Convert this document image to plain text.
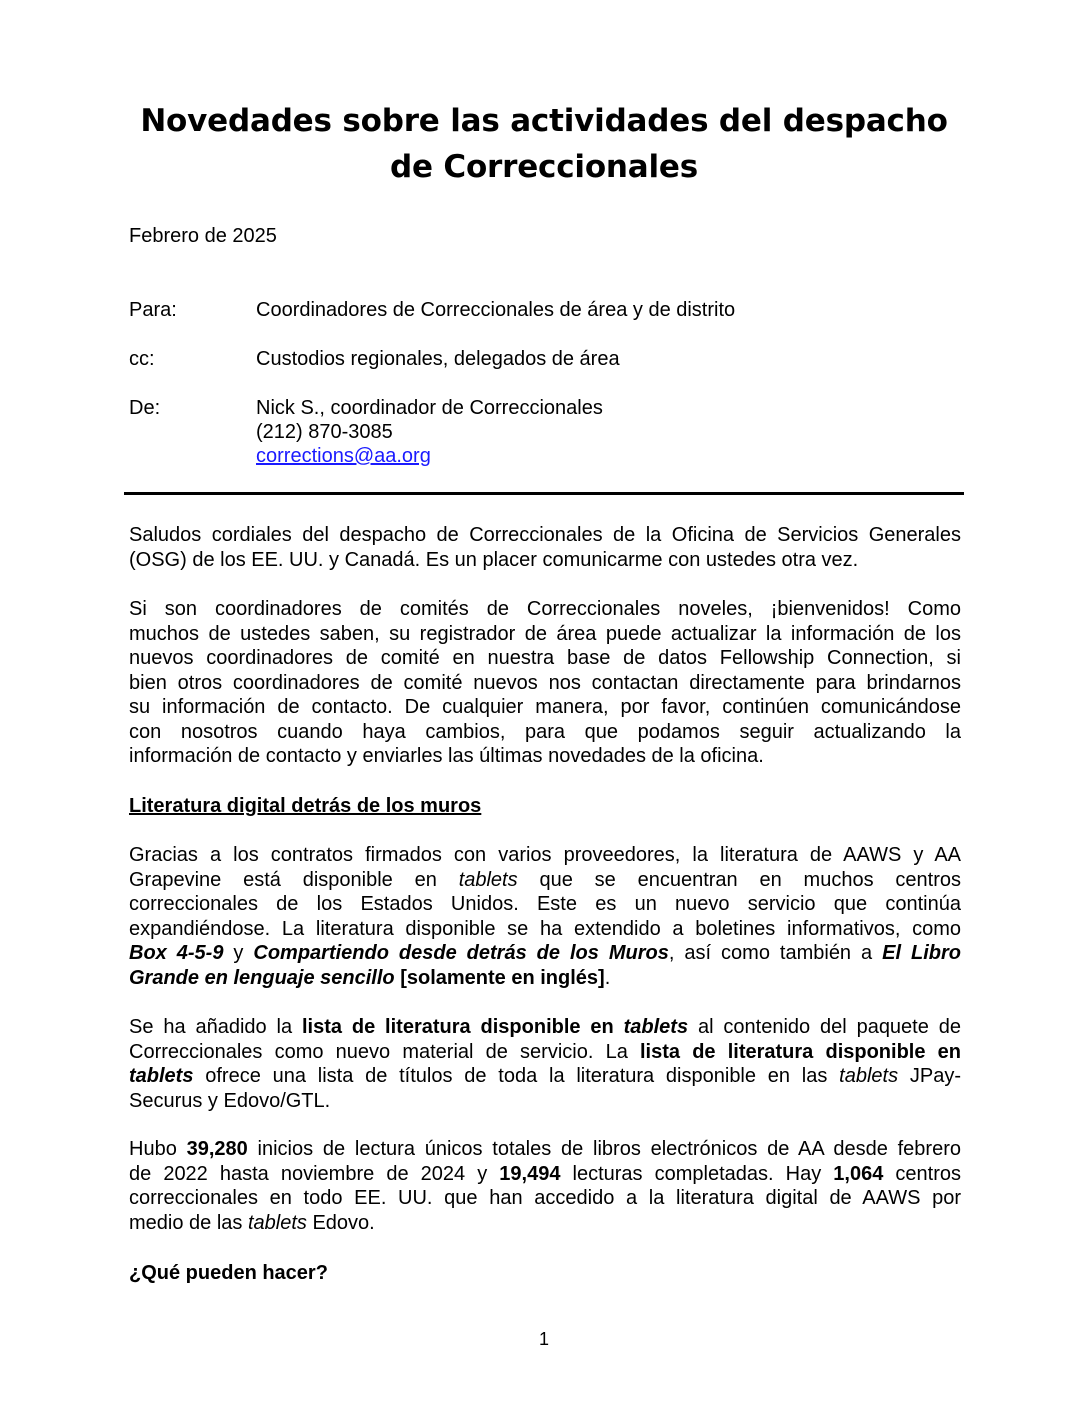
Novedades sobre las actividades del despacho
de Correccionales
Febrero de 2025
Para:	Coordinadores de Correccionales de área y de distrito
cc:	Custodios regionales, delegados de área
De:	Nick S., coordinador de Correccionales
(212) 870-3085
corrections@aa.org
Saludos cordiales del despacho de Correccionales de la Oficina de Servicios Generales
(OSG) de los EE. UU. y Canadá. Es un placer comunicarme con ustedes otra vez.
Si son coordinadores de comités de Correccionales noveles, ¡bienvenidos! Como
muchos de ustedes saben, su registrador de área puede actualizar la información de los
nuevos coordinadores de comité en nuestra base de datos Fellowship Connection, si
bien otros coordinadores de comité nuevos nos contactan directamente para brindarnos
su información de contacto. De cualquier manera, por favor, continúen comunicándose
con nosotros cuando haya cambios, para que podamos seguir actualizando la
información de contacto y enviarles las últimas novedades de la oficina.
Literatura digital detrás de los muros
Gracias a los contratos firmados con varios proveedores, la literatura de AAWS y AA
Grapevine está disponible en tablets que se encuentran en muchos centros
correccionales de los Estados Unidos. Este es un nuevo servicio que continúa
expandiéndose. La literatura disponible se ha extendido a boletines informativos, como
Box 4-5-9 y Compartiendo desde detrás de los Muros, así como también a El Libro
Grande en lenguaje sencillo [solamente en inglés].
Se ha añadido la lista de literatura disponible en tablets al contenido del paquete de
Correccionales como nuevo material de servicio. La lista de literatura disponible en
tablets ofrece una lista de títulos de toda la literatura disponible en las tablets JPay-
Securus y Edovo/GTL.
Hubo 39,280 inicios de lectura únicos totales de libros electrónicos de AA desde febrero
de 2022 hasta noviembre de 2024 y 19,494 lecturas completadas. Hay 1,064 centros
correccionales en todo EE. UU. que han accedido a la literatura digital de AAWS por
medio de las tablets Edovo.
¿Qué pueden hacer?
1
